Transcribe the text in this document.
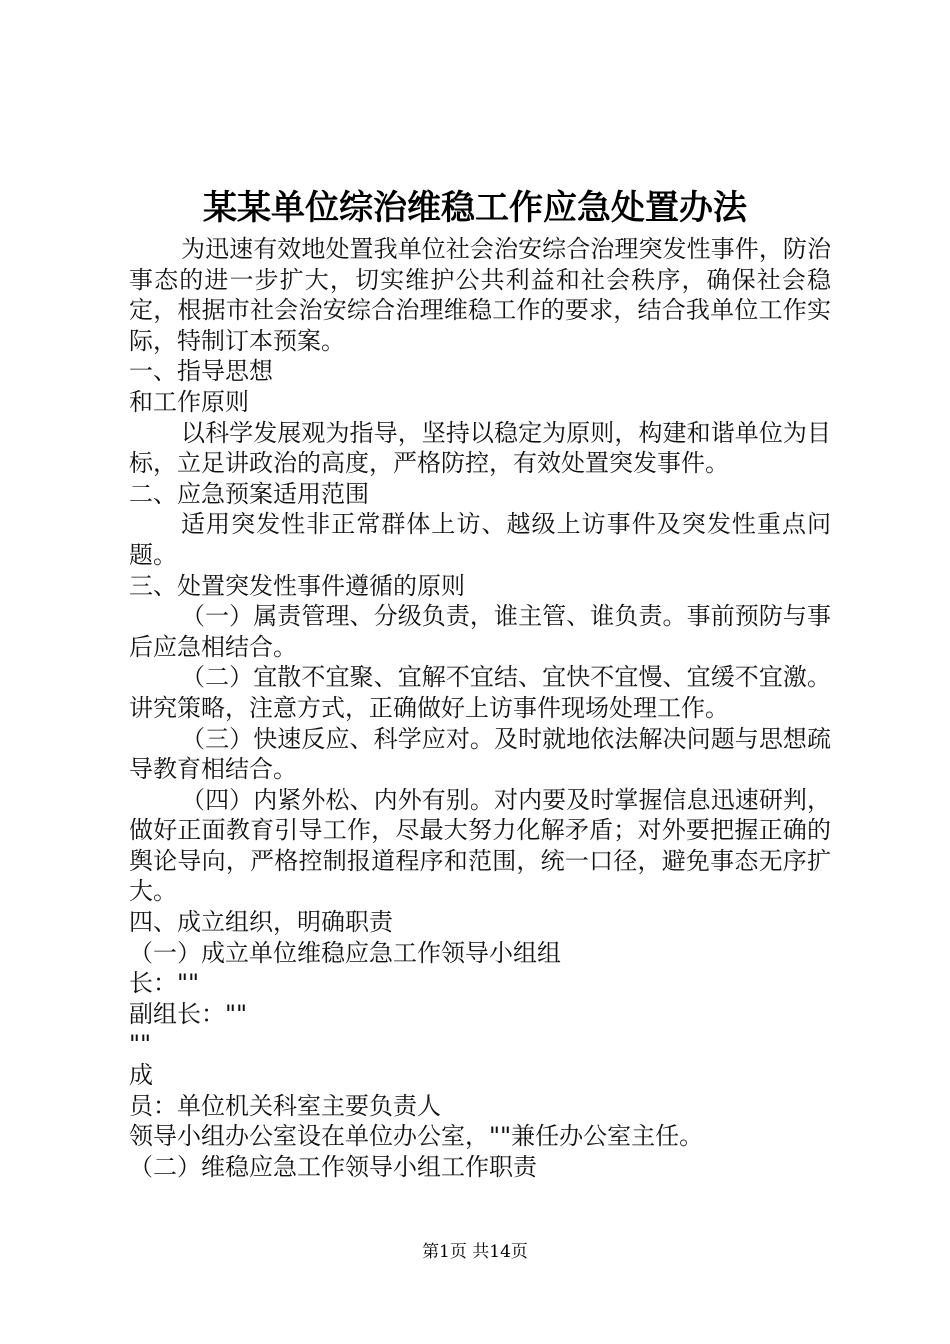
某某单位综治维稳工作应急处置办法

为迅速有效地处置我单位社会治安综合治理突发性事件，防治事态的进一步扩大，切实维护公共利益和社会秩序，确保社会稳定，根据市社会治安综合治理维稳工作的要求，结合我单位工作实际，特制订本预案。

一、指导思想

和工作原则

以科学发展观为指导，坚持以稳定为原则，构建和谐单位为目标，立足讲政治的高度，严格防控，有效处置突发事件。

二、应急预案适用范围

适用突发性非正常群体上访、越级上访事件及突发性重点问题。

三、处置突发性事件遵循的原则

（一）属责管理、分级负责，谁主管、谁负责。事前预防与事后应急相结合。

（二）宜散不宜聚、宜解不宜结、宜快不宜慢、宜缓不宜激。讲究策略，注意方式，正确做好上访事件现场处理工作。

（三）快速反应、科学应对。及时就地依法解决问题与思想疏导教育相结合。

（四）内紧外松、内外有别。对内要及时掌握信息迅速研判，做好正面教育引导工作，尽最大努力化解矛盾；对外要把握正确的舆论导向，严格控制报道程序和范围，统一口径，避免事态无序扩大。

四、成立组织，明确职责

（一）成立单位维稳应急工作领导小组组

长：""

副组长：""

""

成

员：单位机关科室主要负责人

领导小组办公室设在单位办公室，""兼任办公室主任。

（二）维稳应急工作领导小组工作职责

第1页 共14页
